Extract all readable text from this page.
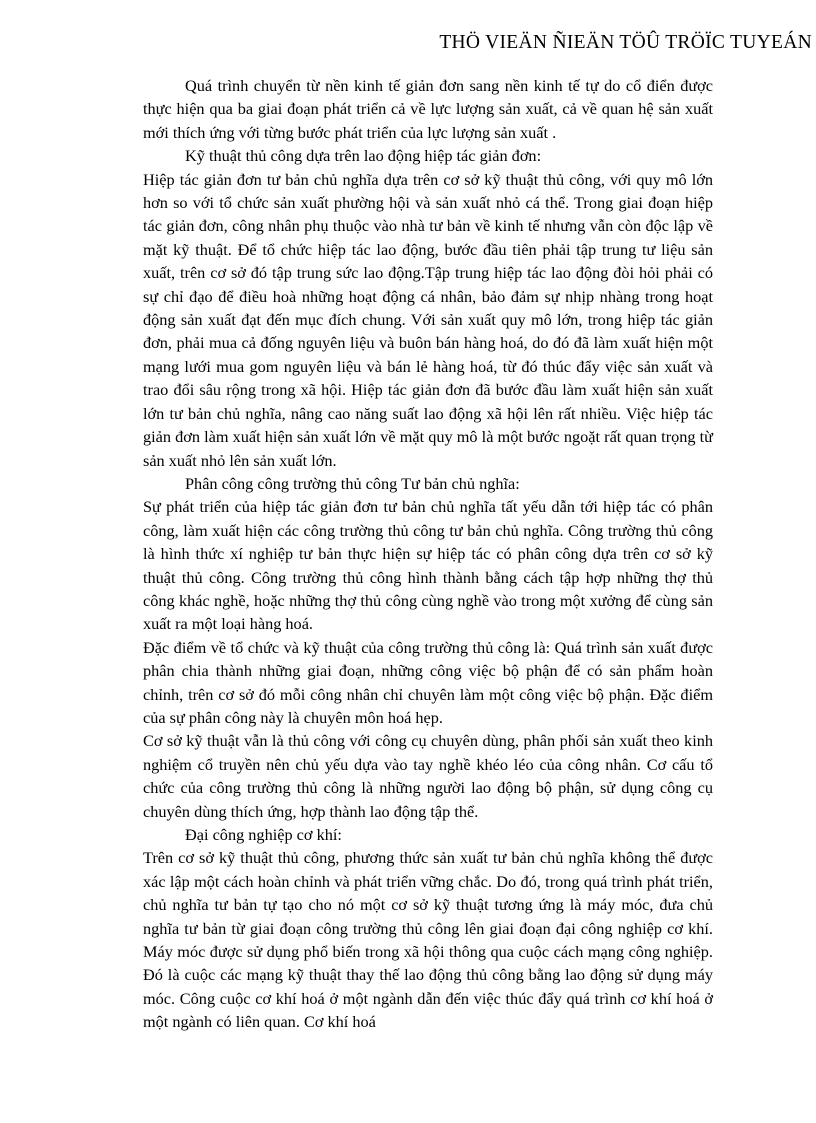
THÖ VIEÄN ÑIEÄN TÖÛ TRÖÏC TUYEÁN

Quá trình chuyển từ nền kinh tế giản đơn sang nền kinh tế tự do cổ điển được thực hiện qua ba giai đoạn phát triển cả về lực lượng sản xuất, cả về quan hệ sản xuất mới thích ứng với từng bước phát triển của lực lượng sản xuất .

Kỹ thuật thủ công dựa trên lao động hiệp tác giản đơn:

Hiệp tác giản đơn tư bản chủ nghĩa dựa trên cơ sở kỹ thuật thủ công, với quy mô lớn hơn so với tổ chức sản xuất phường hội và sản xuất nhỏ cá thể. Trong giai đoạn hiệp tác giản đơn, công nhân phụ thuộc vào nhà tư bản về kinh tế nhưng vẫn còn độc lập về mặt kỹ thuật. Để tổ chức hiệp tác lao động, bước đầu tiên phải tập trung tư liệu sản xuất, trên cơ sở đó tập trung sức lao động.Tập trung hiệp tác lao động đòi hỏi phải có sự chỉ đạo để điều hoà những hoạt động cá nhân, bảo đảm sự nhịp nhàng trong hoạt động sản xuất đạt đến mục đích chung. Với sản xuất quy mô lớn, trong hiệp tác giản đơn, phải mua cả đống nguyên liệu và buôn bán hàng hoá, do đó đã làm xuất hiện một mạng lưới mua gom nguyên liệu và bán lẻ hàng hoá, từ đó thúc đẩy việc sản xuất và trao đổi sâu rộng trong xã hội. Hiệp tác giản đơn đã bước đầu làm xuất hiện sản xuất lớn tư bản chủ nghĩa, nâng cao năng suất lao động xã hội lên rất nhiều. Việc hiệp tác giản đơn làm xuất hiện sản xuất lớn về mặt quy mô là một bước ngoặt rất quan trọng từ sản xuất nhỏ lên sản xuất lớn.

Phân công công trường thủ công Tư bản chủ nghĩa:

Sự phát triển của hiệp tác giản đơn tư bản chủ nghĩa tất yếu dẫn tới hiệp tác có phân công, làm xuất hiện các công trường thủ công tư bản chủ nghĩa. Công trường thủ công là hình thức xí nghiệp tư bản thực hiện sự hiệp tác có phân công dựa trên cơ sở kỹ thuật thủ công. Công trường thủ công hình thành bằng cách tập hợp những thợ thủ công khác nghề, hoặc những thợ thủ công cùng nghề vào trong một xưởng để cùng sản xuất ra một loại hàng hoá.

Đặc điểm về tổ chức và kỹ thuật của công trường thủ công là: Quá trình sản xuất được phân chia thành những giai đoạn, những công việc bộ phận để có sản phẩm hoàn chỉnh, trên cơ sở đó mỗi công nhân chỉ chuyên làm một công việc bộ phận. Đặc điểm của sự phân công này là chuyên môn hoá hẹp.

Cơ sở kỹ thuật vẫn là thủ công với công cụ chuyên dùng, phân phối sản xuất theo kinh nghiệm cổ truyền nên chủ yếu dựa vào tay nghề khéo léo của công nhân. Cơ cấu tổ chức của công trường thủ công là những người lao động bộ phận, sử dụng công cụ chuyên dùng thích ứng, hợp thành lao động tập thể.

Đại công nghiệp cơ khí:

Trên cơ sở kỹ thuật thủ công, phương thức sản xuất tư bản chủ nghĩa không thể được xác lập một cách hoàn chỉnh và phát triển vững chắc. Do đó, trong quá trình phát triển, chủ nghĩa tư bản tự tạo cho nó một cơ sở kỹ thuật tương ứng là máy móc, đưa chủ nghĩa tư bản từ giai đoạn công trường thủ công lên giai đoạn đại công nghiệp cơ khí. Máy móc được sử dụng phổ biến trong xã hội thông qua cuộc cách mạng công nghiệp. Đó là cuộc các mạng kỹ thuật thay thế lao động thủ công bằng lao động sử dụng máy móc. Công cuộc cơ khí hoá ở một ngành dẫn đến việc thúc đẩy quá trình cơ khí hoá ở một ngành có liên quan. Cơ khí hoá
